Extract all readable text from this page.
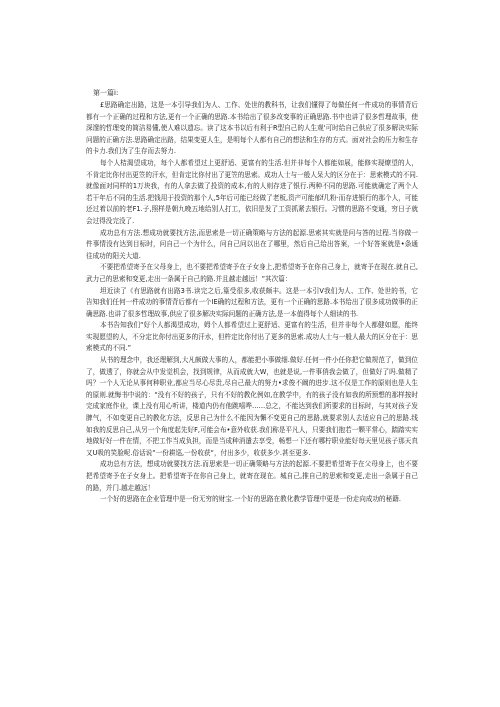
第一篇i:

£思路确定出路，这是一本引导我们为人、工作、处世的教科书，让我们懂得了每做任何一件成功的事情背后都有一个正确的过程和方法,更有一个正确的思路.本书给出了很多改变事的正确思路.书中也讲了很多哲理故事，使深邃的哲理变的简洁易懂,使人难以遗忘。读了这本书以后有利于R型自己的人生观'可时给自己供应了很多解决实际问题的正确方法.思路确定出路，结果变更人生，是明每个人都有自己的想法和生存的方式。面对社会的压力和生存的卡力.我们为了生存而去努力.

每个人桔渴望成功，每个人都希望过上更舒适、更富有的生活.但并非每个人都能如展，能修实现燎望的人，不肯定比你付出更笠的汗水，但肯定比你付出了更笠的思索。成功人士与一般人呆大的区分在于：思索模式的不同.就像面对同样的1万块我，有的人拿去做了投资的成本,有的人则存进了银行.两种不同的思路.可能就确定了两个人若干年后不同的生活.把钱用于投资的那个人,5年后可能已经做了老板,资产可能郁f几粉·而存进银行的那个人，可能还过着以前的老F1.子,照样是朝九晚五地给别人打工，依旧是发了工资抓紧去银行。习惯的思路不变通，穷日子就会过得没完没了.

成功总有方法.想成功就要找方法,而思索是一切正确策略与方法的起源.思索其实就是问与答的过程.当你做一件事情没有达到目标时，问自己一个为什么，问自己问以出在了哪里，然后自己给出答案，一个好答案就是•条通往成功的阳关大道.

不要把希望寄予在父母身上，也不要把希望寄予在子女身上,把希望寄予在你自己身上，就寄予在现在.就自己,武力己的思索和变更,走出一条属于自己的路.并且越走越远！”其次篇：

坦近读了《有思路就有出路3书.读完之后,篁受很多,收获颇丰。这是一本引V我们为人、工作、处世的书，它告知我们任何一件成功的事情背后都有一个IE确的过程和方法，更有一个正确的思路.本书给出了很多成功做事的正确思路.也讲了很多哲理故事,供应了很多解决实际问题的正确方法,是一本值得每个人细读的书.

本书告知我们“好个人都渴望成功，姆个人都希望过上更舒适、更富有的生活，但并非每个人都健如愿，能终实现愿望的人，不分定比你付出更多的汗水，但杵定比你付出了更多的思索.成功人士与一般人最大的区分在于：思索模式的不同.”

从书的理念中，我还理解到,大凡颇做大事的人，都能把小事做细.做好.任何一件小任你把它做规范了，做到位了，做透了，你就会从中发觉机会，找到规律，从而成就大W，也就是说,一件事俏我会做了，但做好了吗.做精了吗？一个人无论从事何种职业,都应当尽心尽贵,尽自己最大的努力•求俊不阚的进步.这不仅是工作的原则也是人生的原则.就悔书中说的：“没有不好的孩子，只有不好的教化例如,在教学中，有的孩子没有如我的所预想的那样按时完成家庭作业，课上没有用心听讲，楼道内仍有他跳嘻哗……总之，不能达到我们所要求的目标时，与其对孩子发脾气，不如变更自己的教化方法，反思自己为什么不能因为懈不变更自己的思路,就要求别人去适应自己的思路.线如我的反思自己,从另一个角度起先好F,可能会布•意外收获.我们称是平凡人，只要我们抱若一颗平常心，踏踏实实地做好好一件在情，不把工作当成负担，而是当成种消遣去享受，畅想一下还有哪柠职业能好每天里见孩子那天真又U吸的笑脸呢.俗话说“一份耕巡,一份收获“，付出多少，收获多少.甚至更多.

成功总有方法，想成功就要找方法.而思索是一切正确策略与方法的起源.不要把希望寄予在父母身上，也不要把希望寄予在子女身上。把希望寄予在你自己身上，就寄在现在。城自己,推自己的思索和变更,走出一条属于自己的路，并门.越走越远！

一个好的思路在企业管理中是一份无穷的财宝.一个好的思路在教化教学管理中更是一份走向成功的秘籍.
